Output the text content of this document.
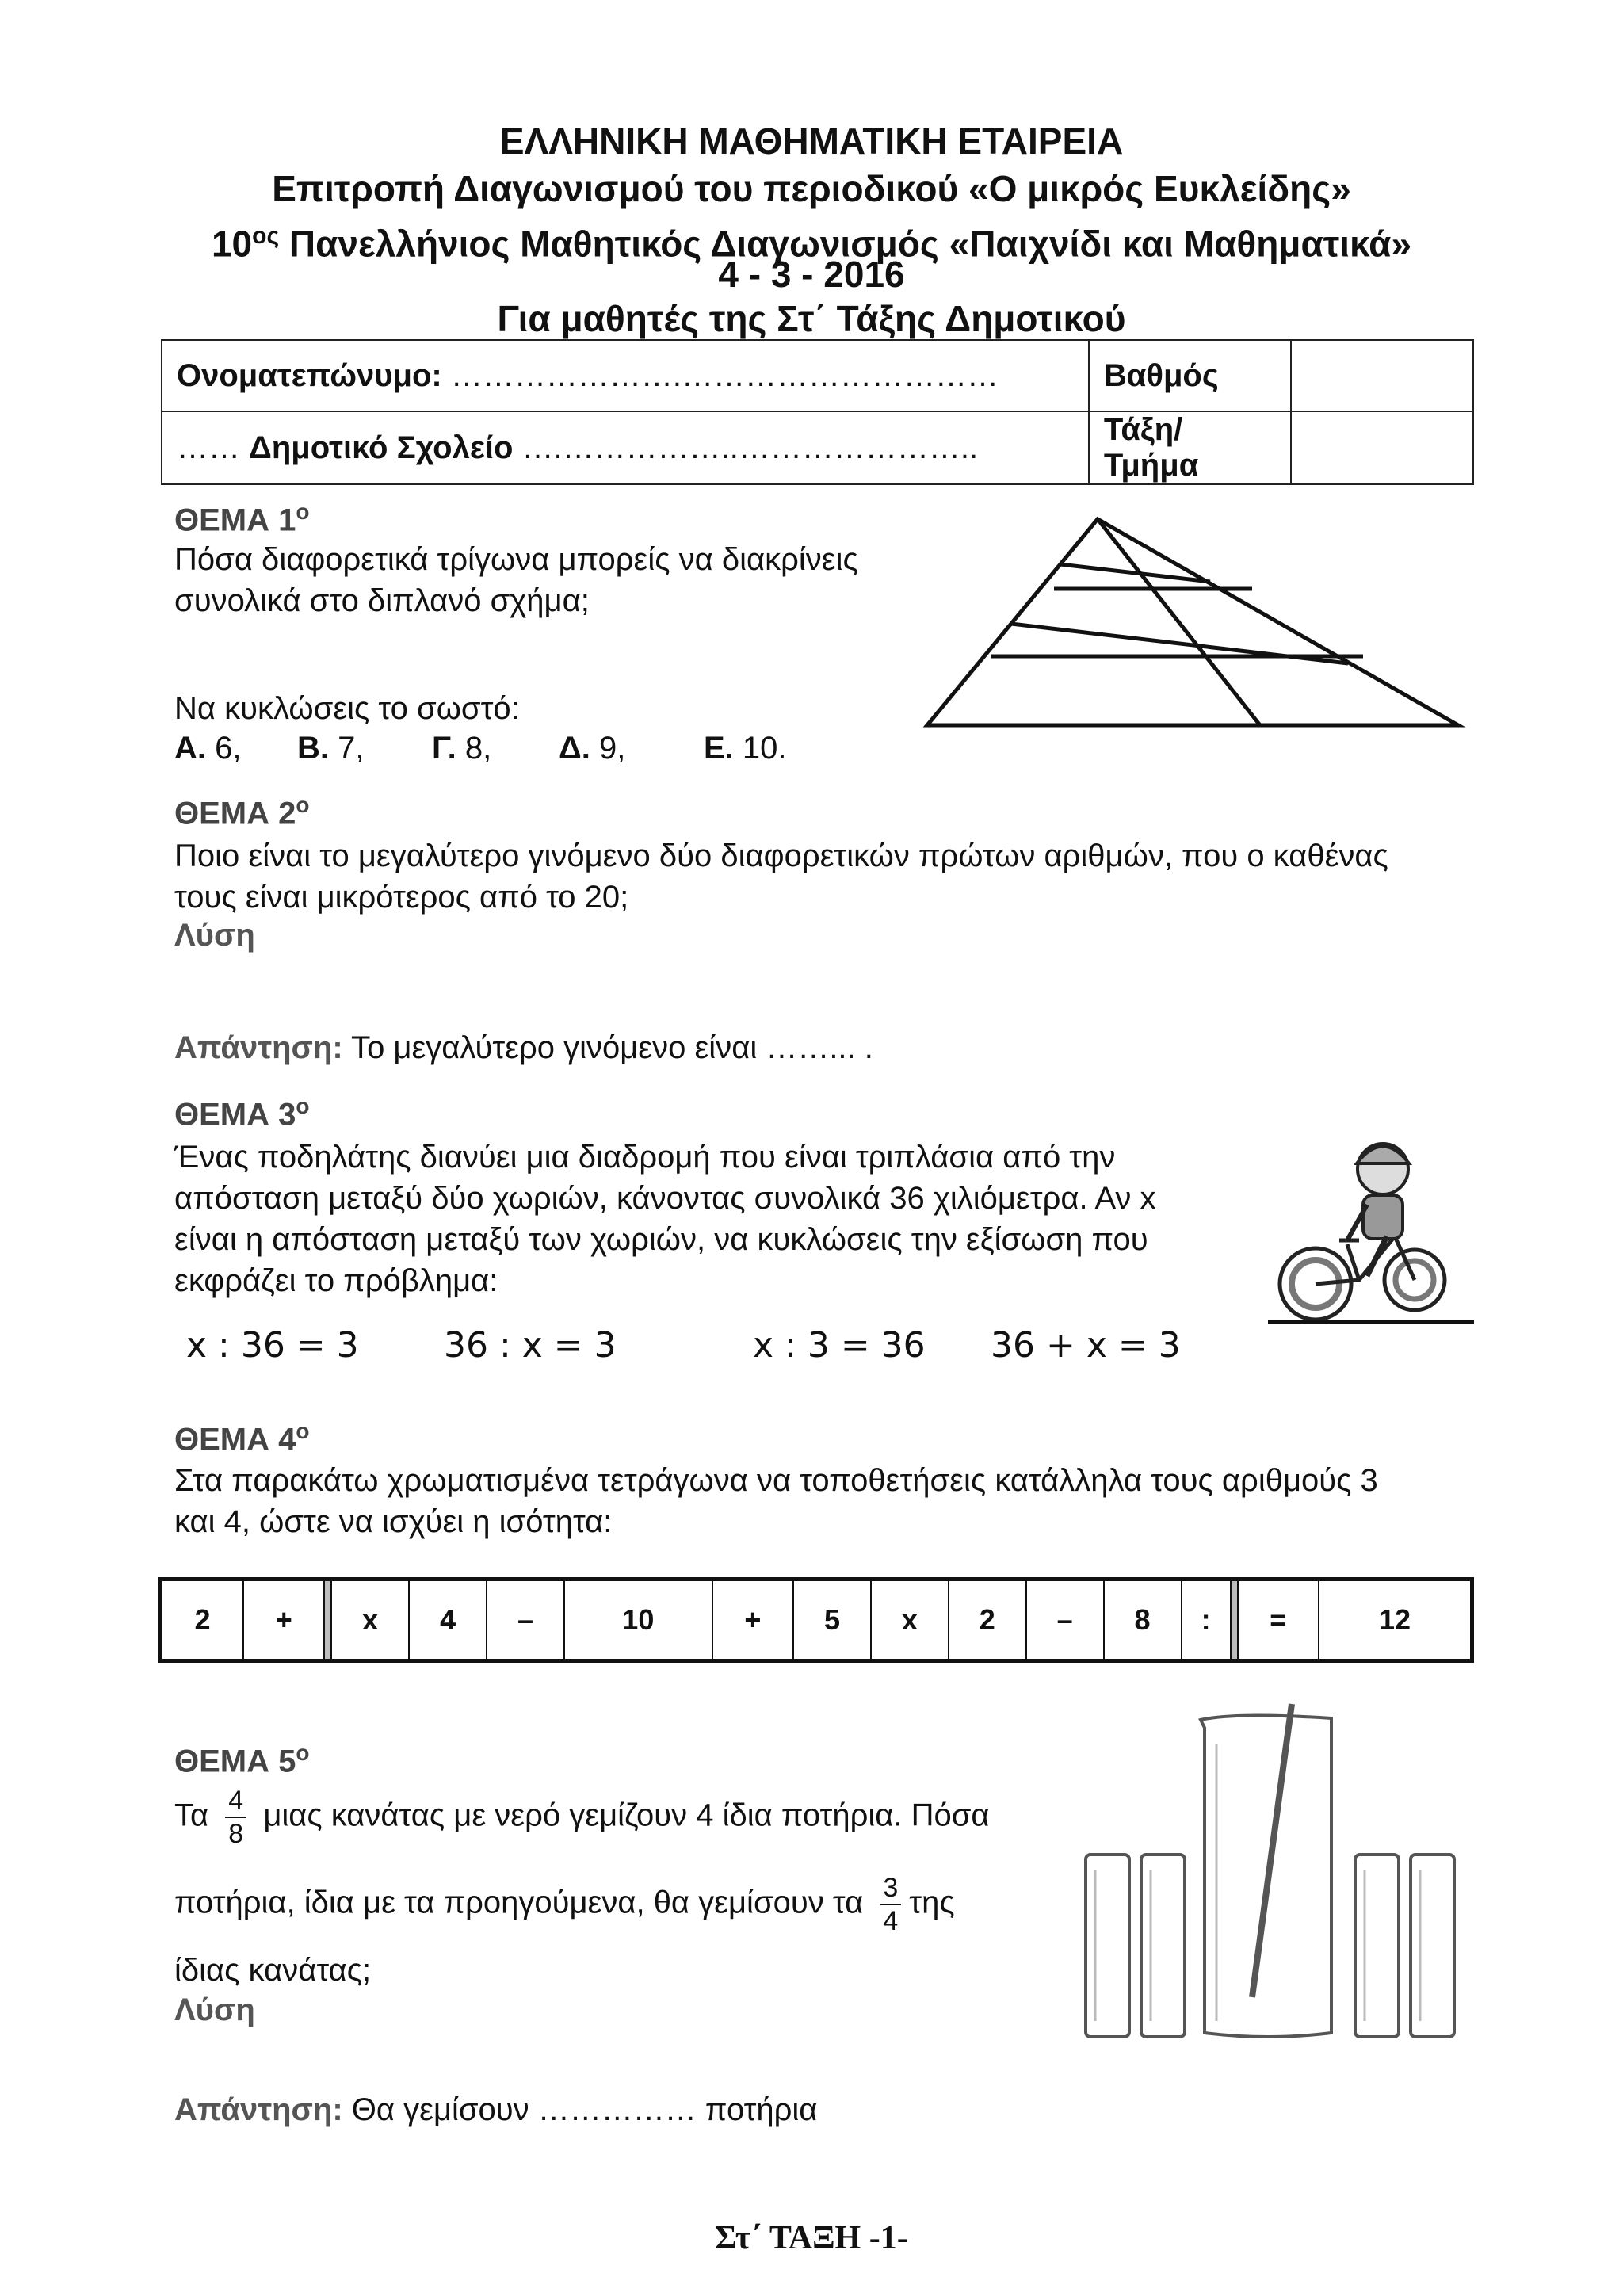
ΕΛΛΗΝΙΚΗ ΜΑΘΗΜΑΤΙΚΗ ΕΤΑΙΡΕΙΑ
Επιτροπή Διαγωνισμού του περιοδικού «Ο μικρός Ευκλείδης»
$10^{o\varsigma}$ Πανελλήνιος Μαθητικός Διαγωνισμός «Παιχνίδι και Μαθηματικά»
4 - 3 - 2016
Για μαθητές της Στ΄ Τάξης Δημοτικού
Ονοματεπώνυμο: ………………….…………………………	Βαθμός	
…… Δημοτικό Σχολείο ….……………..…………………..	Τάξη/Τμήμα	
ΘΕΜΑ $1^o$
Πόσα διαφορετικά τρίγωνα μπορείς να διακρίνεις
συνολικά στο διπλανό σχήμα;
Να κυκλώσεις το σωστό:
Α. 6, Β. 7, Γ. 8, Δ. 9, Ε. 10.
ΘΕΜΑ $2^o$
Ποιο είναι το μεγαλύτερο γινόμενο δύο διαφορετικών πρώτων αριθμών, που ο καθένας
τους είναι μικρότερος από το 20;
Λύση
Απάντηση: Το μεγαλύτερο γινόμενο είναι ……... .
ΘΕΜΑ $3^o$
Ένας ποδηλάτης διανύει μια διαδρομή που είναι τριπλάσια από την
απόσταση μεταξύ δύο χωριών, κάνοντας συνολικά 36 χιλιόμετρα. Αν x
είναι η απόσταση μεταξύ των χωριών, να κυκλώσεις την εξίσωση που
εκφράζει το πρόβλημα:
x : 36 = 3 36 : x = 3	x : 3 = 36 36 + x = 3
ΘΕΜΑ $4^o$
Στα παρακάτω χρωματισμένα τετράγωνα να τοποθετήσεις κατάλληλα τους αριθμούς 3
και 4, ώστε να ισχύει η ισότητα:
2	+		x	4	–	10	+	5	x	2	–	8	:		=	12
ΘΕΜΑ $5^o$
Τα $\frac{4}{8}$ μιας κανάτας με νερό γεμίζουν 4 ίδια ποτήρια. Πόσα
ποτήρια, ίδια με τα προηγούμενα, θα γεμίσουν τα $\frac{3}{4}$ της
ίδιας κανάτας;
Λύση
Απάντηση: Θα γεμίσουν …………… ποτήρια
Στ΄ ΤΑΞΗ -1-
